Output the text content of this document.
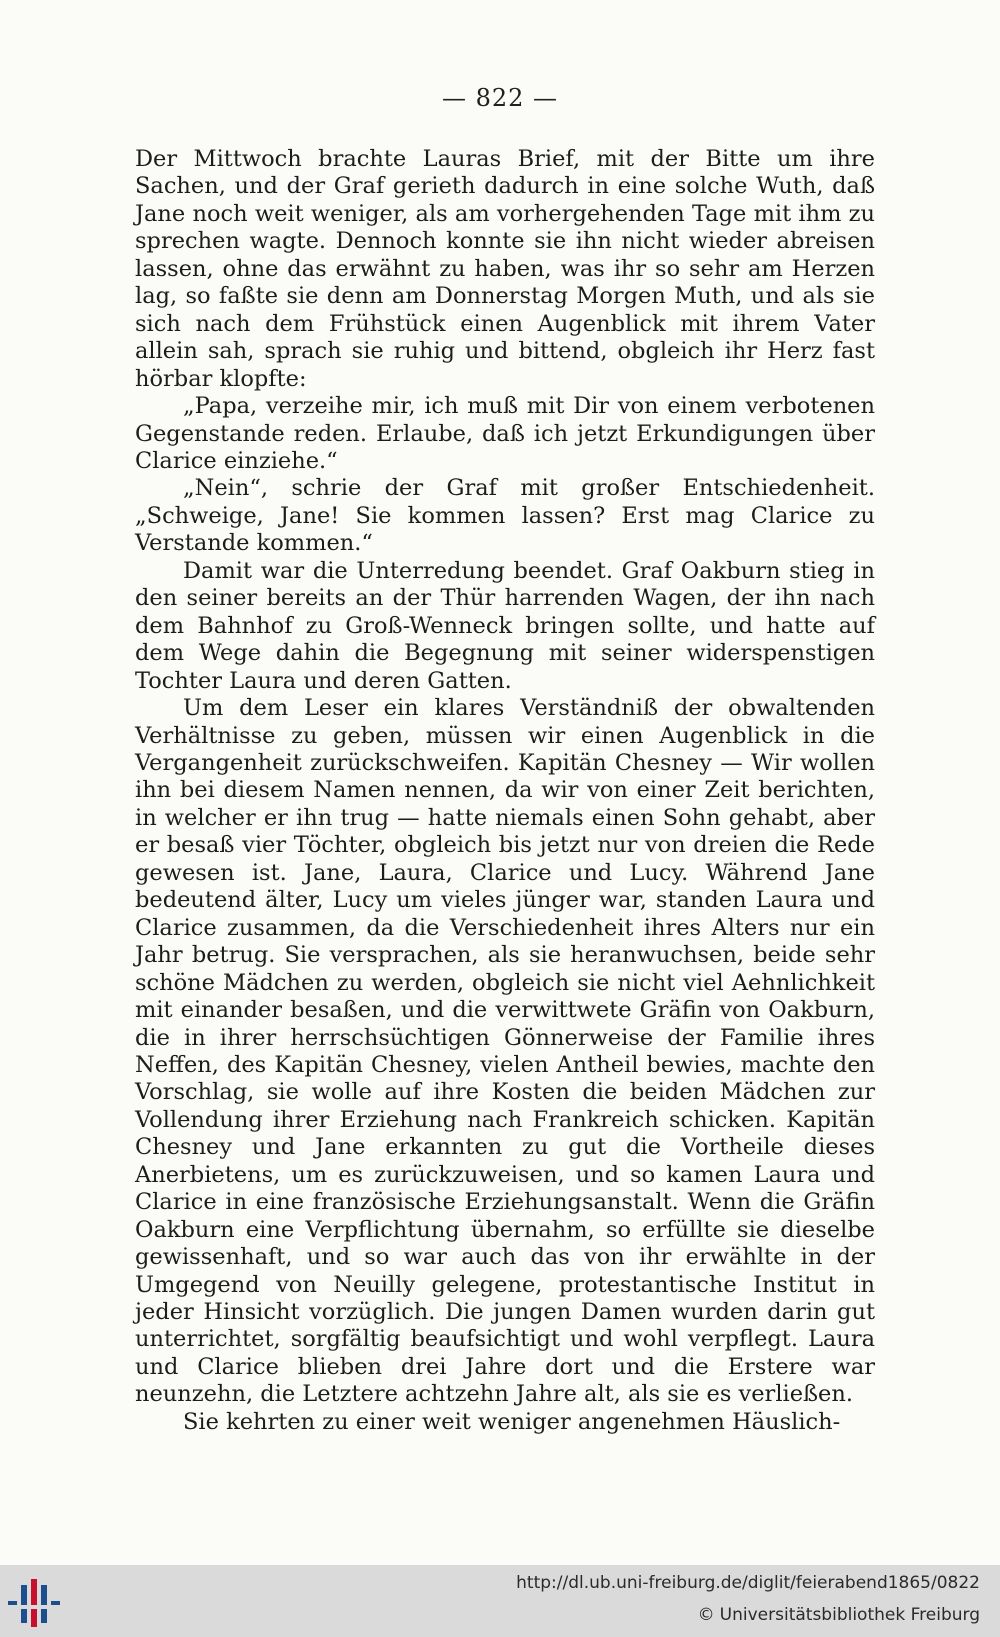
— 822 —

Der Mittwoch brachte Lauras Brief, mit der Bitte um ihre Sachen, und der Graf gerieth dadurch in eine solche Wuth, daß Jane noch weit weniger, als am vorhergehenden Tage mit ihm zu sprechen wagte. Dennoch konnte sie ihn nicht wieder abreisen lassen, ohne das erwähnt zu haben, was ihr so sehr am Herzen lag, so faßte sie denn am Donnerstag Morgen Muth, und als sie sich nach dem Frühstück einen Augenblick mit ihrem Vater allein sah, sprach sie ruhig und bittend, obgleich ihr Herz fast hörbar klopfte:

„Papa, verzeihe mir, ich muß mit Dir von einem verbotenen Gegenstande reden. Erlaube, daß ich jetzt Erkundigungen über Clarice einziehe.“

„Nein“, schrie der Graf mit großer Entschiedenheit. „Schweige, Jane! Sie kommen lassen? Erst mag Clarice zu Verstande kommen.“

Damit war die Unterredung beendet. Graf Oakburn stieg in den seiner bereits an der Thür harrenden Wagen, der ihn nach dem Bahnhof zu Groß-Wenneck bringen sollte, und hatte auf dem Wege dahin die Begegnung mit seiner widerspenstigen Tochter Laura und deren Gatten.

Um dem Leser ein klares Verständniß der obwaltenden Verhältnisse zu geben, müssen wir einen Augenblick in die Vergangenheit zurückschweifen. Kapitän Chesney — Wir wollen ihn bei diesem Namen nennen, da wir von einer Zeit berichten, in welcher er ihn trug — hatte niemals einen Sohn gehabt, aber er besaß vier Töchter, obgleich bis jetzt nur von dreien die Rede gewesen ist. Jane, Laura, Clarice und Lucy. Während Jane bedeutend älter, Lucy um vieles jünger war, standen Laura und Clarice zusammen, da die Verschiedenheit ihres Alters nur ein Jahr betrug. Sie versprachen, als sie heranwuchsen, beide sehr schöne Mädchen zu werden, obgleich sie nicht viel Aehnlichkeit mit einander besaßen, und die verwittwete Gräfin von Oakburn, die in ihrer herrschsüchtigen Gönnerweise der Familie ihres Neffen, des Kapitän Chesney, vielen Antheil bewies, machte den Vorschlag, sie wolle auf ihre Kosten die beiden Mädchen zur Vollendung ihrer Erziehung nach Frankreich schicken. Kapitän Chesney und Jane erkannten zu gut die Vortheile dieses Anerbietens, um es zurückzuweisen, und so kamen Laura und Clarice in eine französische Erziehungsanstalt. Wenn die Gräfin Oakburn eine Verpflichtung übernahm, so erfüllte sie dieselbe gewissenhaft, und so war auch das von ihr erwählte in der Umgegend von Neuilly gelegene, protestantische Institut in jeder Hinsicht vorzüglich. Die jungen Damen wurden darin gut unterrichtet, sorgfältig beaufsichtigt und wohl verpflegt. Laura und Clarice blieben drei Jahre dort und die Erstere war neunzehn, die Letztere achtzehn Jahre alt, als sie es verließen.

Sie kehrten zu einer weit weniger angenehmen Häuslich-

http://dl.ub.uni-freiburg.de/diglit/feierabend1865/0822
© Universitätsbibliothek Freiburg
